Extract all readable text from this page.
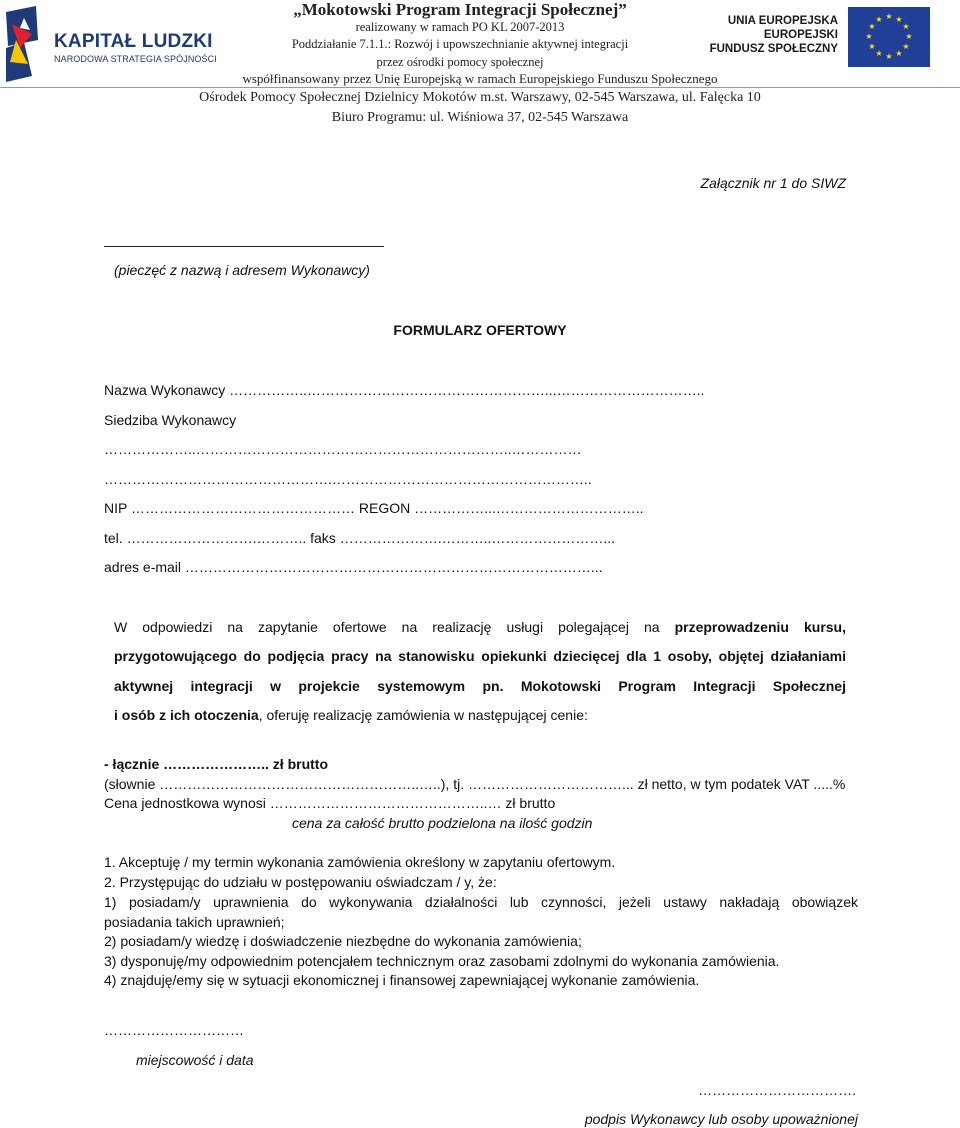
KAPITAŁ LUDZKI
NARODOWA STRATEGIA SPÓJNOŚCI
„Mokotowski Program Integracji Społecznej”
realizowany w ramach PO KL 2007-2013
Poddziałanie 7.1.1.: Rozwój i upowszechnianie aktywnej integracji
przez ośrodki pomocy społecznej
współfinansowany przez Unię Europejską w ramach Europejskiego Funduszu Społecznego
UNIA EUROPEJSKA
EUROPEJSKI
FUNDUSZ SPOŁECZNY
★ ★
★
★
★
★
★
★
★
★
★
★
Ośrodek Pomocy Społecznej Dzielnicy Mokotów m.st. Warszawy, 02-545 Warszawa, ul. Falęcka 10
Biuro Programu: ul. Wiśniowa 37, 02-545 Warszawa
Załącznik nr 1 do SIWZ
(pieczęć z nazwą i adresem Wykonawcy)
FORMULARZ OFERTOWY
Nazwa Wykonawcy ……………..……………………………………………...…………………………..
Siedziba Wykonawcy
………………..…………………………………………………………..……………
………………………………………….………………………………………………..
NIP ………………………………………… REGON ……………...…………………………..
tel. ……………………….……….. faks ………………….………..……………………...
adres e-mail ……………………………………………………………………………...
W odpowiedzi na zapytanie ofertowe na realizację usługi polegającej na przeprowadzeniu kursu,
przygotowującego do podjęcia pracy na stanowisku opiekunki dziecięcej dla 1 osoby, objętej działaniami
aktywnej integracji w projekcie systemowym pn. Mokotowski Program Integracji Społecznej
i osób z ich otoczenia, oferuję realizację zamówienia w następującej cenie:
- łącznie ………………….. zł brutto
(słownie ………………………………………………..…..), tj. ……………………………... zł netto, w tym podatek VAT .....%
Cena jednostkowa wynosi ………………………………………..… zł brutto
cena za całość brutto podzielona na ilość godzin
1. Akceptuję / my termin wykonania zamówienia określony w zapytaniu ofertowym.
2. Przystępując do udziału w postępowaniu oświadczam / y, że:
1) posiadam/y uprawnienia do wykonywania działalności lub czynności, jeżeli ustawy nakładają obowiązek
posiadania takich uprawnień;
2) posiadam/y wiedzę i doświadczenie niezbędne do wykonania zamówienia;
3) dysponuję/my odpowiednim potencjałem technicznym oraz zasobami zdolnymi do wykonania zamówienia.
4) znajduję/emy się w sytuacji ekonomicznej i finansowej zapewniającej wykonanie zamówienia.
…………………………
miejscowość i data
…………………………….
podpis Wykonawcy lub osoby upoważnionej
